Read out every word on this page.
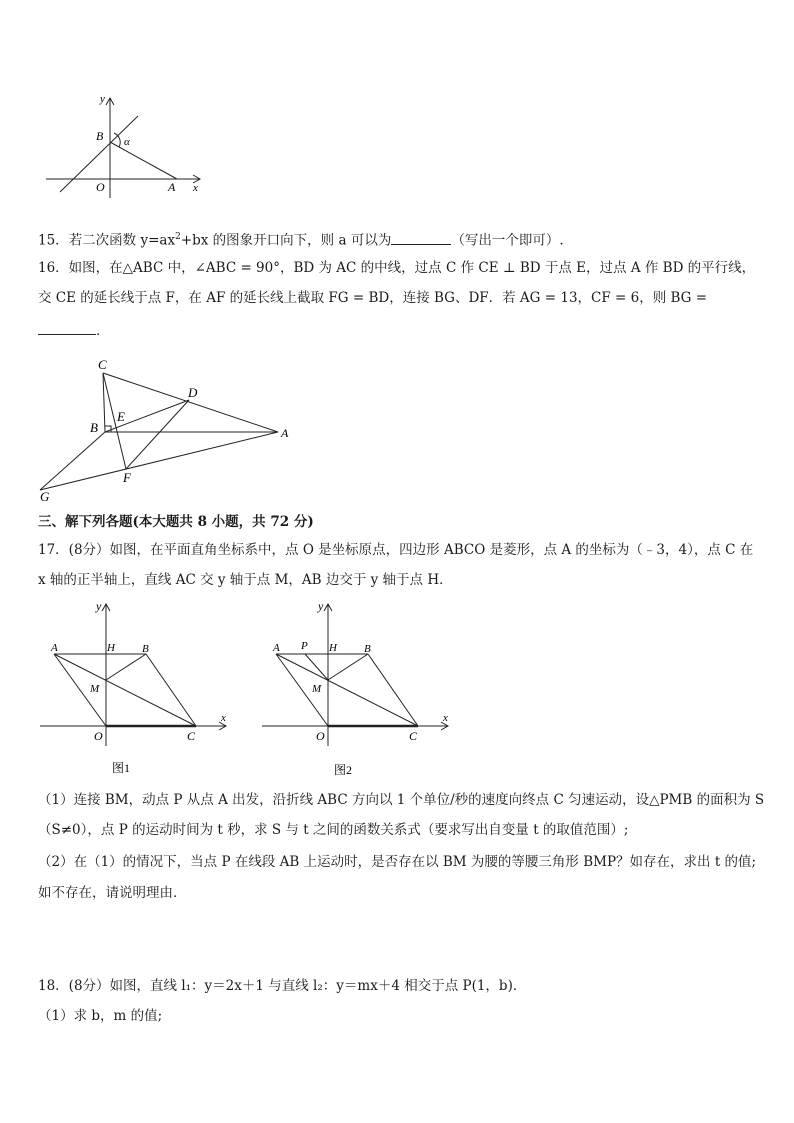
y
B α
O	A x
15．若二次函数 $y=ax^2+bx$ 的图象开口向下，则 a 可以为	（写出一个即可）.
16．如图，在△ABC 中，∠ABC = 90°，BD 为 AC 的中线，过点 C 作 CE ⊥ BD 于点 E，过点 A 作 BD 的平行线，
交 CE 的延长线于点 F，在 AF 的延长线上截取 FG = BD，连接 BG、DF．若 AG = 13，CF = 6，则 BG =
．
C
D
E
B	A
F
G
三、解下列各题(本大题共 8 小题，共 72 分)
17．(8分）如图，在平面直角坐标系中，点 O 是坐标原点，四边形 ABCO 是菱形，点 A 的坐标为（﹣3，4），点 C 在
x 轴的正半轴上，直线 AC 交 y 轴于点 M，AB 边交于 y 轴于点 H．
y
A	H B
M
O	C
x
图1
y
A P H B
M
O	C
x
图2
（1）连接 BM，动点 P 从点 A 出发，沿折线 ABC 方向以 1 个单位/秒的速度向终点 C 匀速运动，设△PMB 的面积为 S
（S≠0），点 P 的运动时间为 t 秒，求 S 与 t 之间的函数关系式（要求写出自变量 t 的取值范围）;
（2）在（1）的情况下，当点 P 在线段 AB 上运动时，是否存在以 BM 为腰的等腰三角形 BMP？如存在，求出 t 的值;
如不存在，请说明理由．
18．(8分）如图，直线 l₁：y＝2x＋1 与直线 l₂：y＝mx＋4 相交于点 P(1，b)．
（1）求 b，m 的值;
